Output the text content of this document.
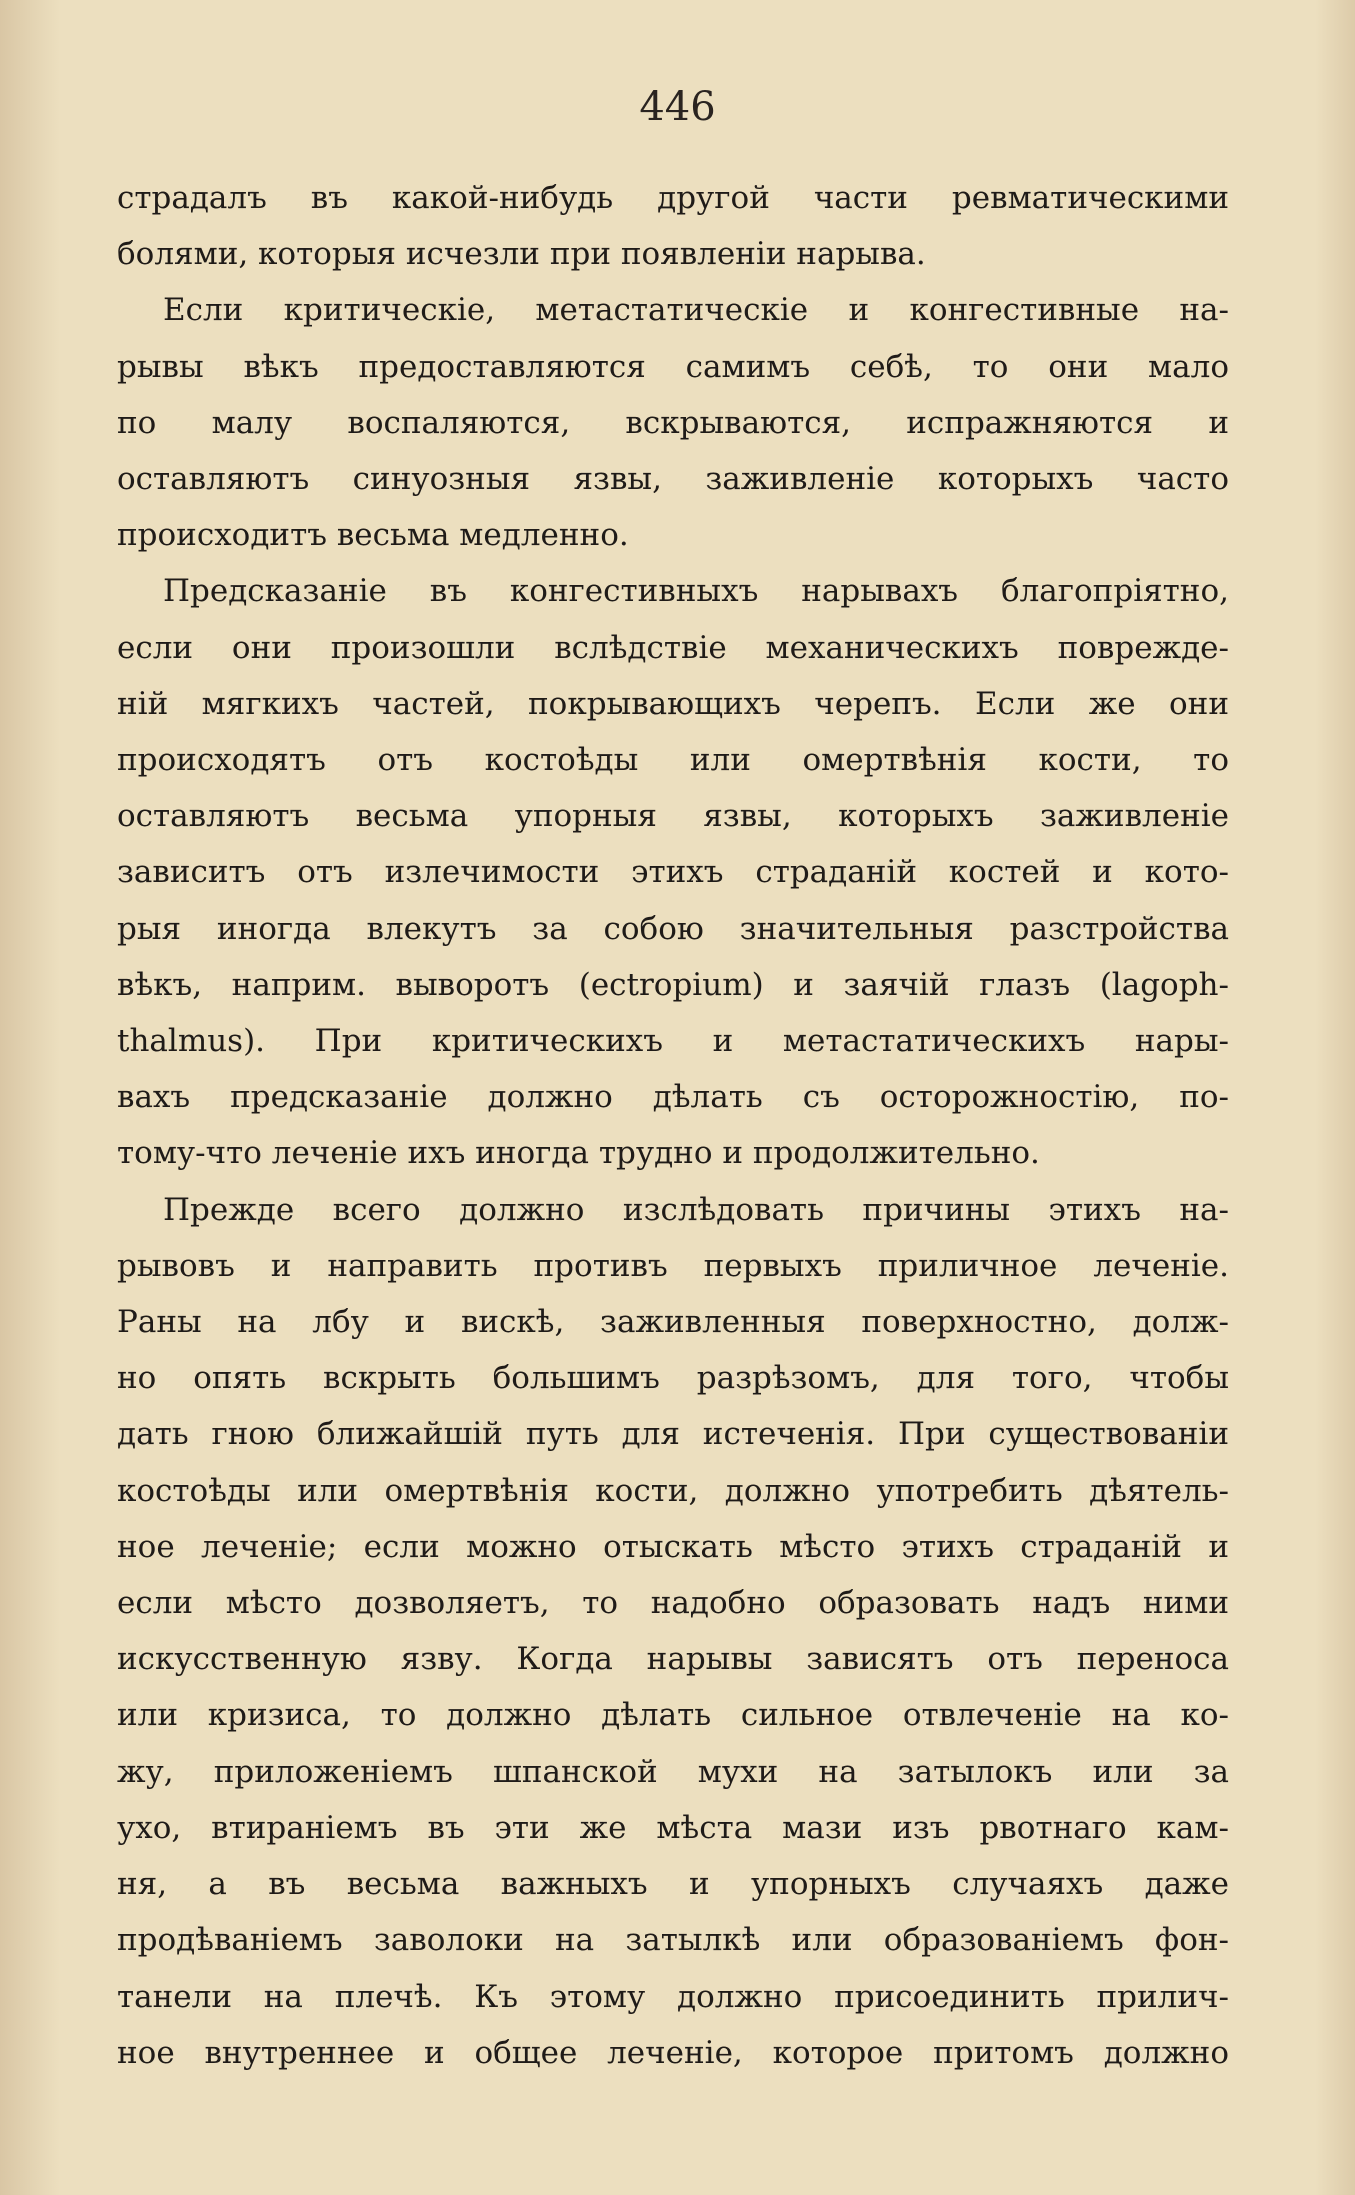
446
страдалъ въ какой-нибудь другой части ревматическими
болями, которыя исчезли при появленіи нарыва.
Если критическіе, метастатическіе и конгестивные на-
рывы вѣкъ предоставляются самимъ себѣ, то они мало
по малу воспаляются, вскрываются, испражняются и
оставляютъ синуозныя язвы, заживленіе которыхъ часто
происходитъ весьма медленно.
Предсказаніе въ конгестивныхъ нарывахъ благопріятно,
если они произошли вслѣдствіе механическихъ поврежде-
ній мягкихъ частей, покрывающихъ черепъ. Если же они
происходятъ отъ костоѣды или омертвѣнія кости, то
оставляютъ весьма упорныя язвы, которыхъ заживленіе
зависитъ отъ излечимости этихъ страданій костей и кото-
рыя иногда влекутъ за собою значительныя разстройства
вѣкъ, наприм. выворотъ (ectropium) и заячій глазъ (lagoph-
thalmus). При критическихъ и метастатическихъ нары-
вахъ предсказаніе должно дѣлать съ осторожностію, по-
тому-что леченіе ихъ иногда трудно и продолжительно.
Прежде всего должно изслѣдовать причины этихъ на-
рывовъ и направить противъ первыхъ приличное леченіе.
Раны на лбу и вискѣ, заживленныя поверхностно, долж-
но опять вскрыть большимъ разрѣзомъ, для того, чтобы
дать гною ближайшій путь для истеченія. При существованіи
костоѣды или омертвѣнія кости, должно употребить дѣятель-
ное леченіе; если можно отыскать мѣсто этихъ страданій и
если мѣсто дозволяетъ, то надобно образовать надъ ними
искусственную язву. Когда нарывы зависятъ отъ переноса
или кризиса, то должно дѣлать сильное отвлеченіе на ко-
жу, приложеніемъ шпанской мухи на затылокъ или за
ухо, втираніемъ въ эти же мѣста мази изъ рвотнаго кам-
ня, а въ весьма важныхъ и упорныхъ случаяхъ даже
продѣваніемъ заволоки на затылкѣ или образованіемъ фон-
танели на плечѣ. Къ этому должно присоединить прилич-
ное внутреннее и общее леченіе, которое притомъ должно
